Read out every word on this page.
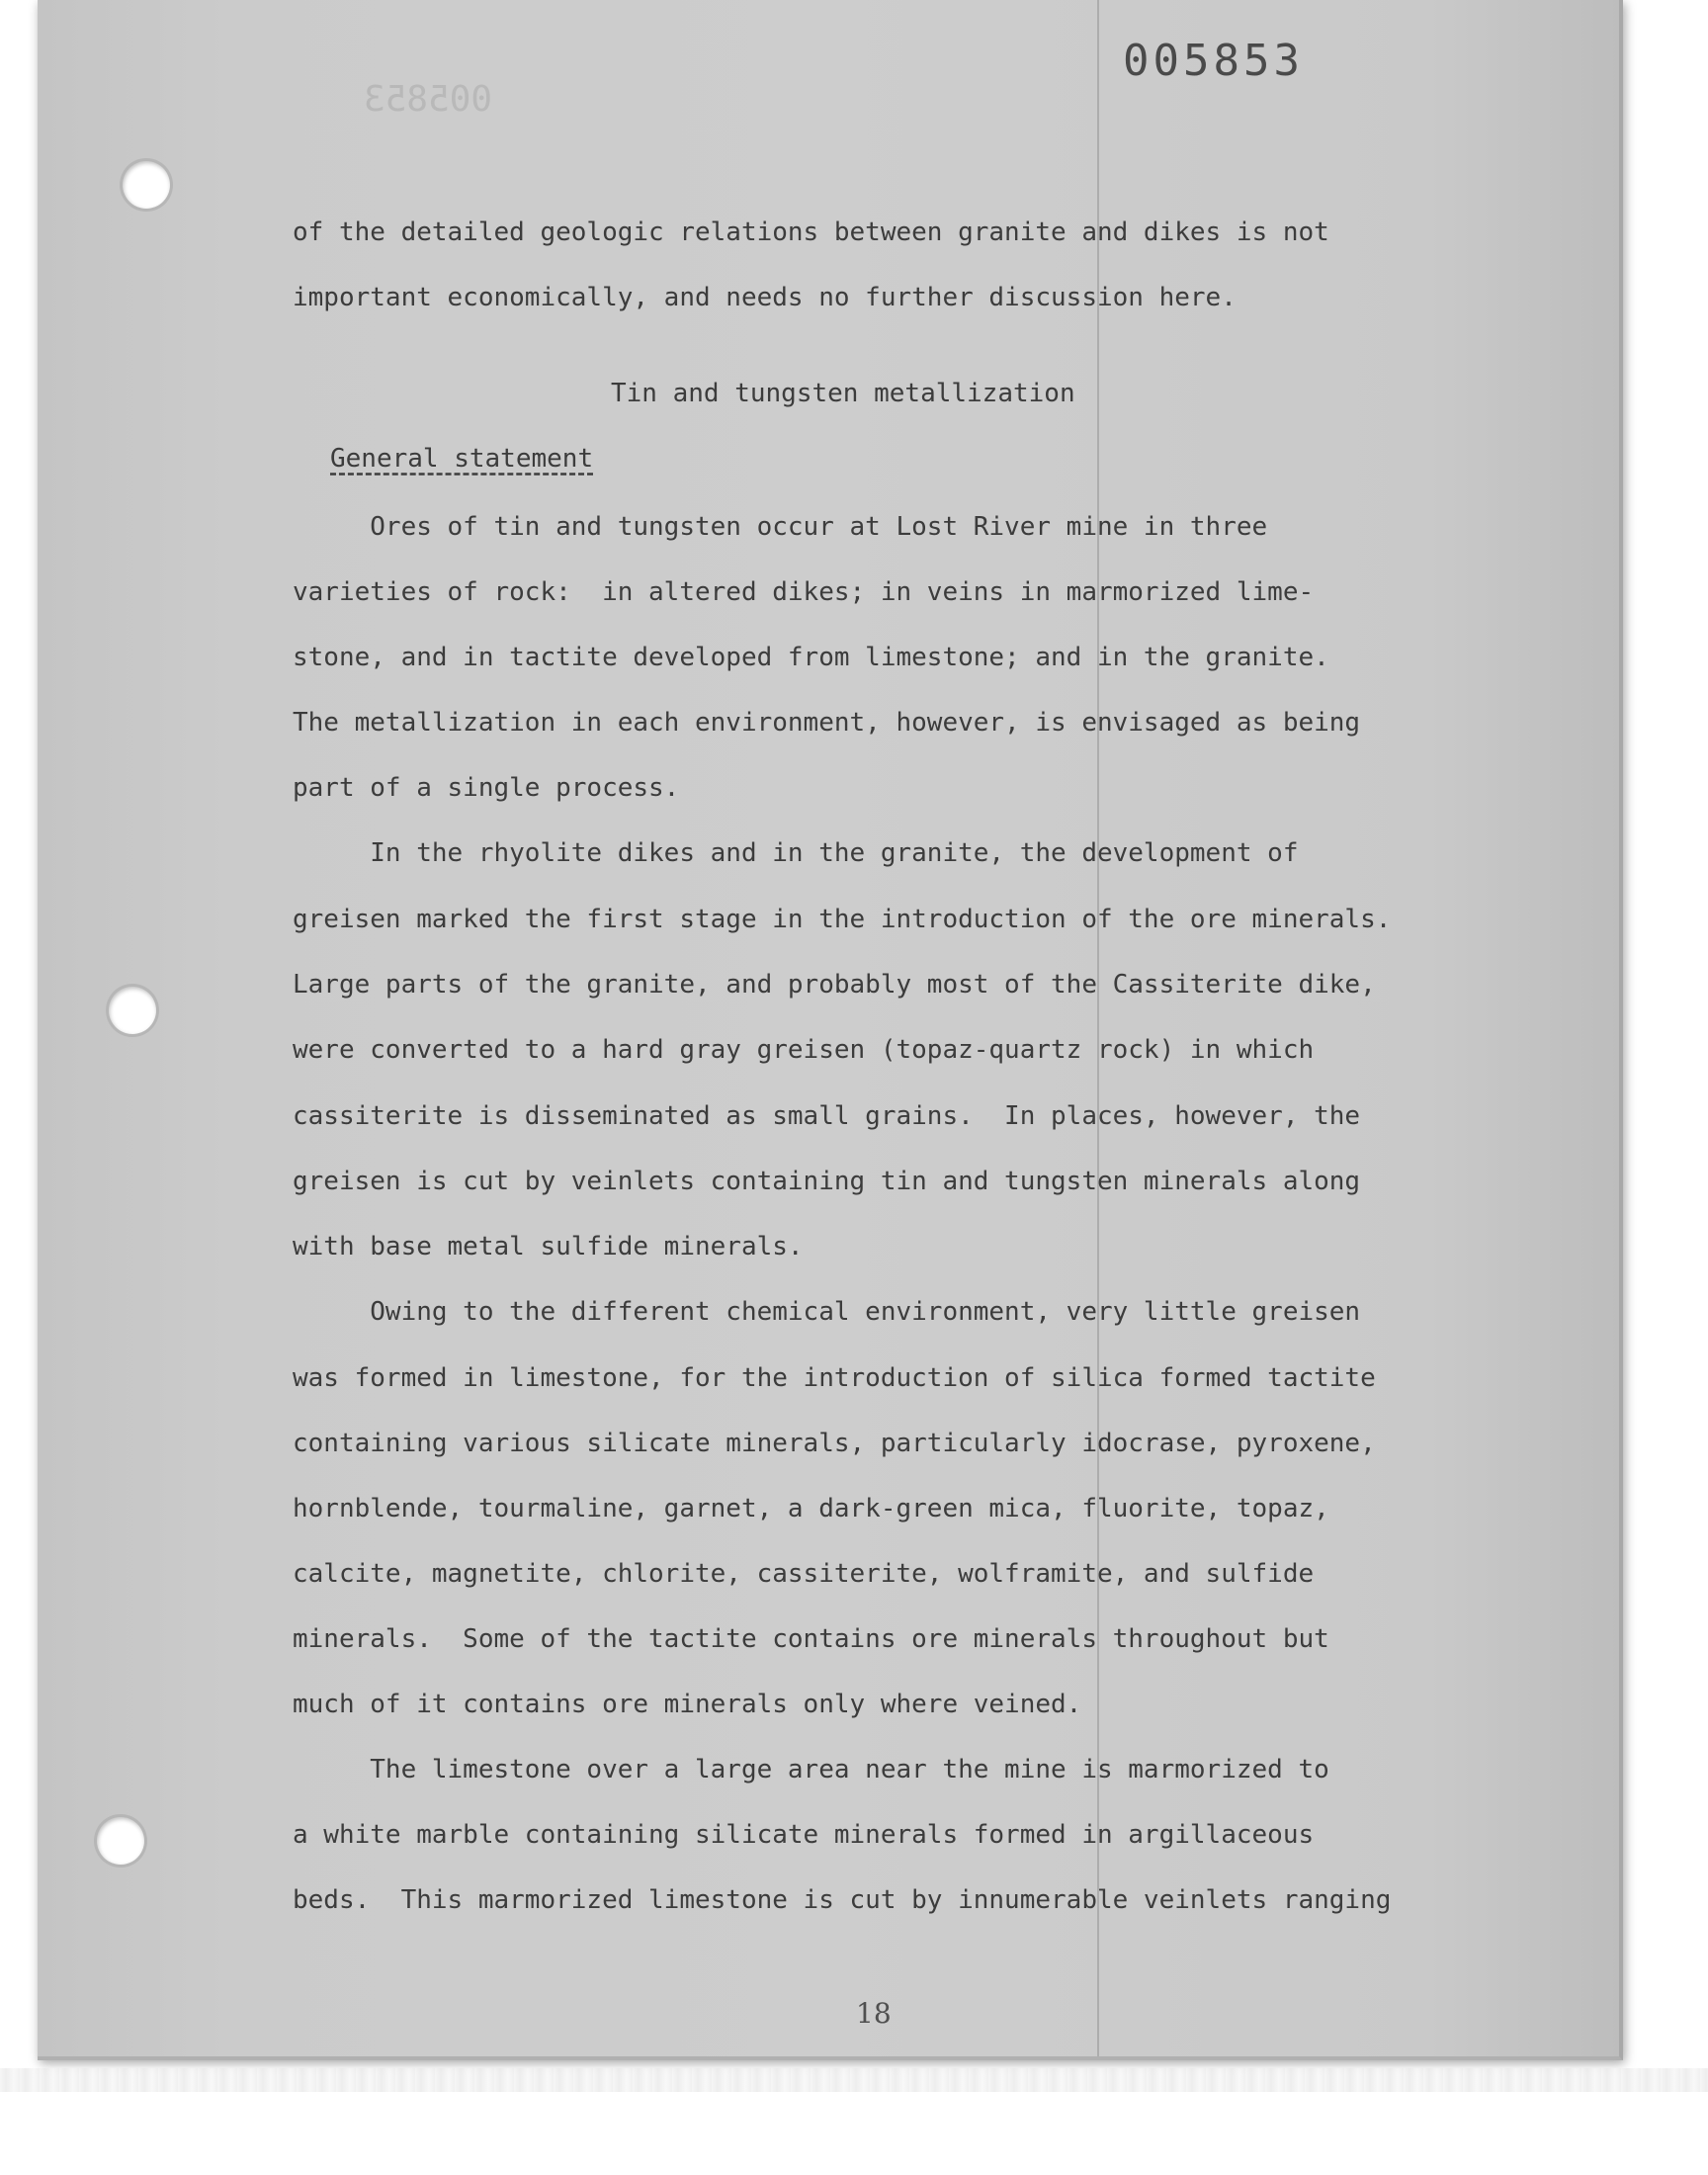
005853
005853
of the detailed geologic relations between granite and dikes is not
important economically, and needs no further discussion here.
Tin and tungsten metallization
General statement
Ores of tin and tungsten occur at Lost River mine in three
varieties of rock:  in altered dikes; in veins in marmorized lime-
stone, and in tactite developed from limestone; and in the granite.
The metallization in each environment, however, is envisaged as being
part of a single process.
In the rhyolite dikes and in the granite, the development of
greisen marked the first stage in the introduction of the ore minerals.
Large parts of the granite, and probably most of the Cassiterite dike,
were converted to a hard gray greisen (topaz-quartz rock) in which
cassiterite is disseminated as small grains.  In places, however, the
greisen is cut by veinlets containing tin and tungsten minerals along
with base metal sulfide minerals.
Owing to the different chemical environment, very little greisen
was formed in limestone, for the introduction of silica formed tactite
containing various silicate minerals, particularly idocrase, pyroxene,
hornblende, tourmaline, garnet, a dark-green mica, fluorite, topaz,
calcite, magnetite, chlorite, cassiterite, wolframite, and sulfide
minerals.  Some of the tactite contains ore minerals throughout but
much of it contains ore minerals only where veined.
The limestone over a large area near the mine is marmorized to
a white marble containing silicate minerals formed in argillaceous
beds.  This marmorized limestone is cut by innumerable veinlets ranging
18
